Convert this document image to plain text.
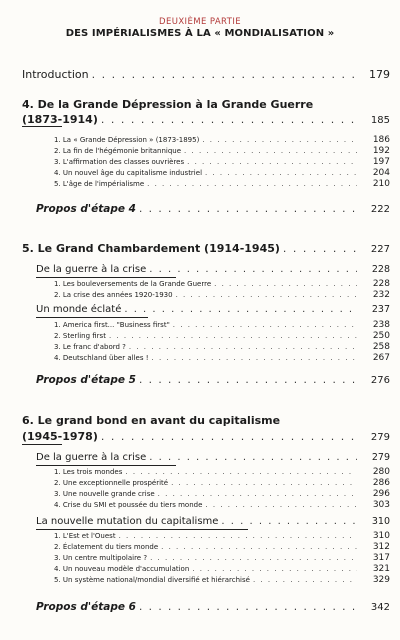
DEUXIÈME PARTIE
DES IMPÉRIALISMES À LA « MONDIALISATION »
Introduction . . .	179
4. De la Grande Dépression à la Grande Guerre
(1873-1914) . . .	185
1. La « Grande Dépression » (1873-1895) . . .	186
2. La fin de l'hégémonie britannique . . .	192
3. L'affirmation des classes ouvrières . . .	197
4. Un nouvel âge du capitalisme industriel . . .	204
5. L'âge de l'impérialisme . . .	210
Propos d'étape 4 . . .	222
5. Le Grand Chambardement (1914-1945) . . .	227
De la guerre à la crise . . .	228
1. Les bouleversements de la Grande Guerre . . .	228
2. La crise des années 1920-1930 . . .	232
Un monde éclaté . . .	237
1. America first... "Business first" . . .	238
2. Sterling first . . .	250
3. Le franc d'abord ? . . .	258
4. Deutschland über alles ! . . .	267
Propos d'étape 5 . . .	276
6. Le grand bond en avant du capitalisme
(1945-1978) . . .	279
De la guerre à la crise . . .	279
1. Les trois mondes . . .	280
2. Une exceptionnelle prospérité . . .	286
3. Une nouvelle grande crise . . .	296
4. Crise du SMI et poussée du tiers monde . . .	303
La nouvelle mutation du capitalisme . . .	310
1. L'Est et l'Ouest . . .	310
2. Éclatement du tiers monde . . .	312
3. Un centre multipolaire ? . . .	317
4. Un nouveau modèle d'accumulation . . .	321
5. Un système national/mondial diversifié et hiérarchisé . . .	329
Propos d'étape 6 . . .	342
